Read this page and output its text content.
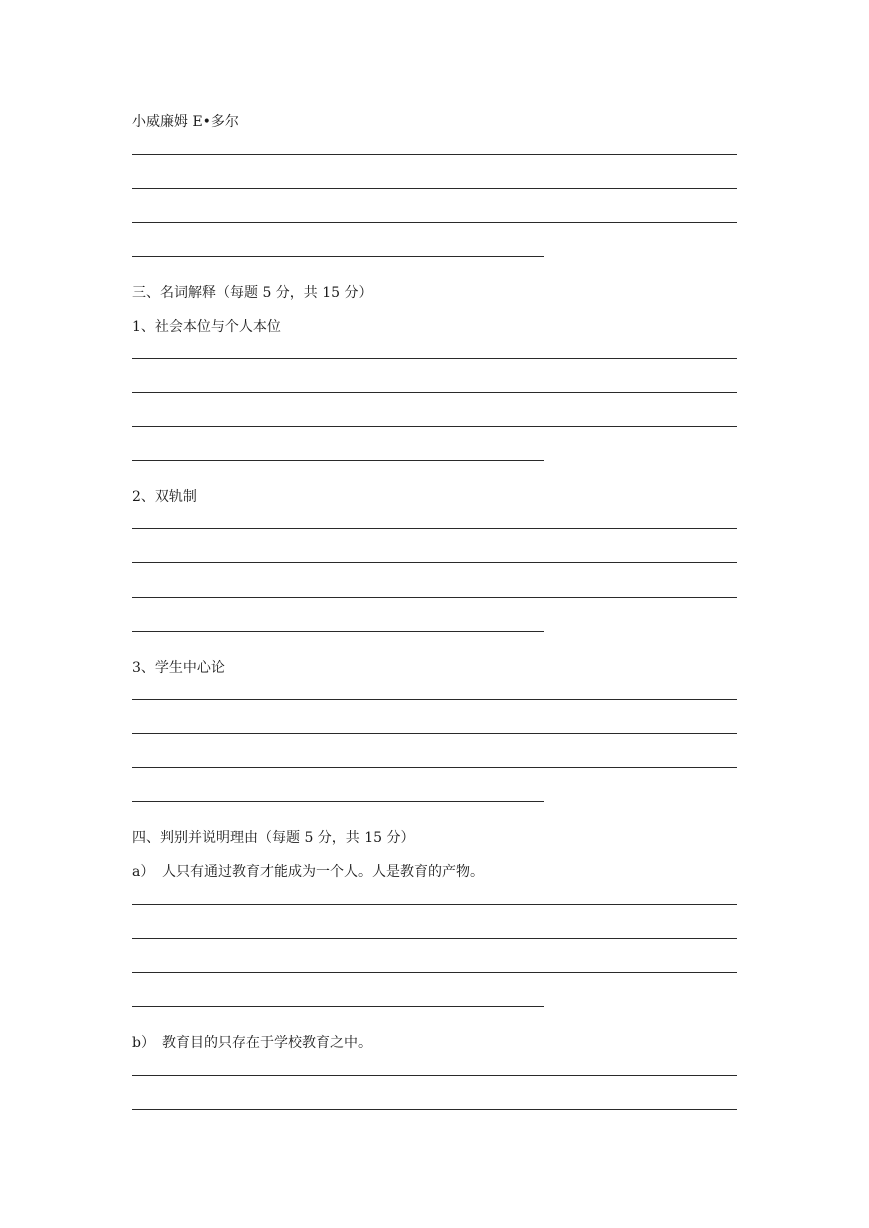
小威廉姆 E•多尔
三、名词解释（每题 5 分，共 15 分）
1、社会本位与个人本位
2、双轨制
3、学生中心论
四、判别并说明理由（每题 5 分，共 15 分）
a） 人只有通过教育才能成为一个人。人是教育的产物。
b） 教育目的只存在于学校教育之中。
